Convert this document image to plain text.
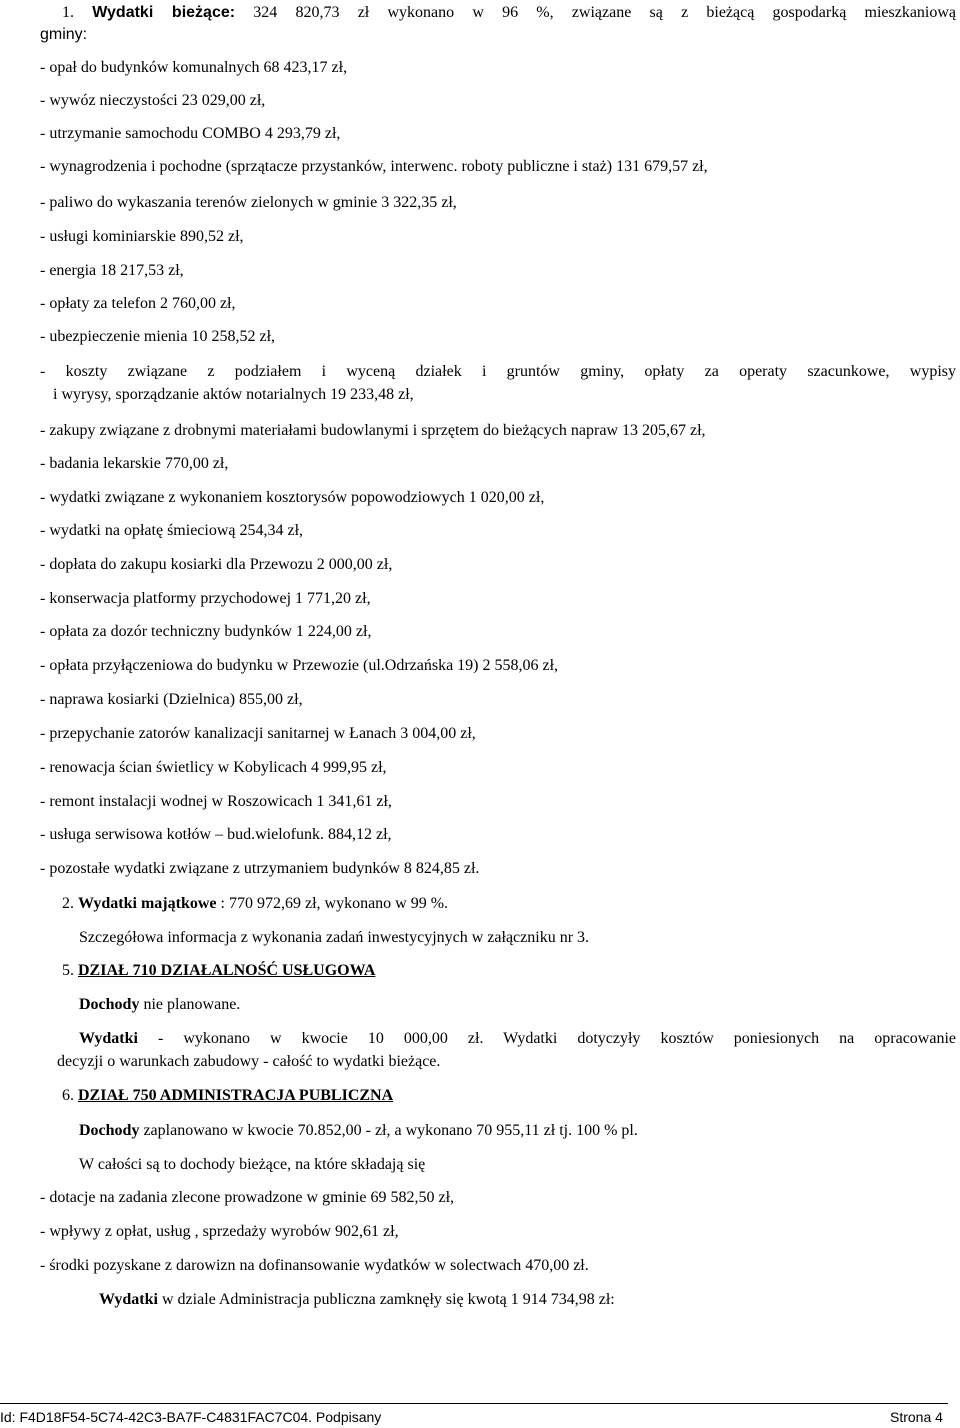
1. Wydatki bieżące: 324 820,73 zł wykonano w 96 %, związane są z bieżącą gospodarką mieszkaniową
gminy:
- opał do budynków komunalnych 68 423,17 zł,
- wywóz nieczystości 23 029,00 zł,
- utrzymanie samochodu COMBO 4 293,79 zł,
- wynagrodzenia i pochodne (sprzątacze przystanków, interwenc. roboty publiczne i staż) 131 679,57 zł,
- paliwo do wykaszania terenów zielonych w gminie 3 322,35 zł,
- usługi kominiarskie 890,52 zł,
- energia 18 217,53 zł,
- opłaty za telefon 2 760,00 zł,
- ubezpieczenie mienia 10 258,52 zł,
- koszty związane z podziałem i wyceną działek i gruntów gminy, opłaty za operaty szacunkowe, wypisy
i wyrysy, sporządzanie aktów notarialnych 19 233,48 zł,
- zakupy związane z drobnymi materiałami budowlanymi i sprzętem do bieżących napraw 13 205,67 zł,
- badania lekarskie 770,00 zł,
- wydatki związane z wykonaniem kosztorysów popowodziowych 1 020,00 zł,
- wydatki na opłatę śmieciową 254,34 zł,
- dopłata do zakupu kosiarki dla Przewozu 2 000,00 zł,
- konserwacja platformy przychodowej 1 771,20 zł,
- opłata za dozór techniczny budynków 1 224,00 zł,
- opłata przyłączeniowa do budynku w Przewozie (ul.Odrzańska 19) 2 558,06 zł,
- naprawa kosiarki (Dzielnica) 855,00 zł,
- przepychanie zatorów kanalizacji sanitarnej w Łanach 3 004,00 zł,
- renowacja ścian świetlicy w Kobylicach 4 999,95 zł,
- remont instalacji wodnej w Roszowicach 1 341,61 zł,
- usługa serwisowa kotłów – bud.wielofunk. 884,12 zł,
- pozostałe wydatki związane z utrzymaniem budynków 8 824,85 zł.
2. Wydatki majątkowe : 770 972,69 zł, wykonano w 99 %.
Szczegółowa informacja z wykonania zadań inwestycyjnych w załączniku nr 3.
5. DZIAŁ 710 DZIAŁALNOŚĆ USŁUGOWA
Dochody nie planowane.
Wydatki - wykonano w kwocie 10 000,00 zł. Wydatki dotyczyły kosztów poniesionych na opracowanie
decyzji o warunkach zabudowy - całość to wydatki bieżące.
6. DZIAŁ 750 ADMINISTRACJA PUBLICZNA
Dochody zaplanowano w kwocie 70.852,00 - zł, a wykonano 70 955,11 zł tj. 100 % pl.
W całości są to dochody bieżące, na które składają się
- dotacje na zadania zlecone prowadzone w gminie 69 582,50 zł,
- wpływy z opłat, usług , sprzedaży wyrobów 902,61 zł,
- środki pozyskane z darowizn na dofinansowanie wydatków w solectwach 470,00 zł.
Wydatki w dziale Administracja publiczna zamknęły się kwotą 1 914 734,98 zł:
Id: F4D18F54-5C74-42C3-BA7F-C4831FAC7C04. Podpisany	Strona 4
